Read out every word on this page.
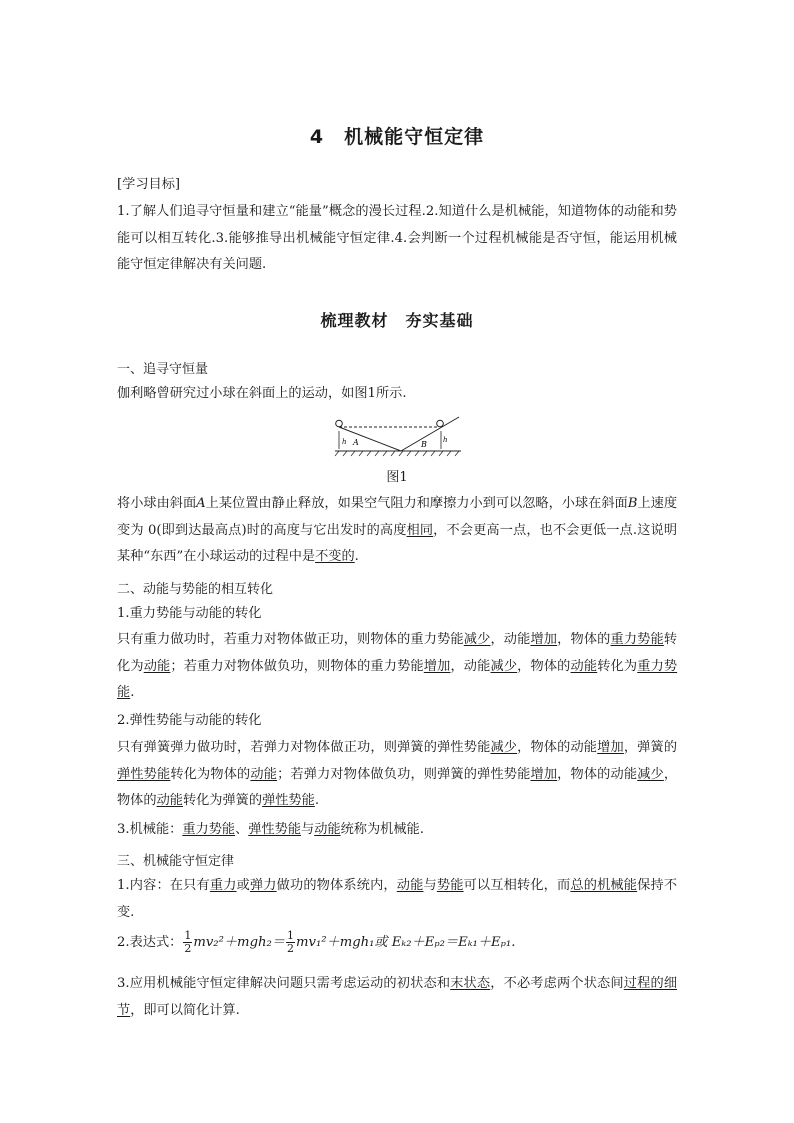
4　机械能守恒定律
[学习目标]
1.了解人们追寻守恒量和建立“能量”概念的漫长过程.2.知道什么是机械能，知道物体的动能和势能可以相互转化.3.能够推导出机械能守恒定律.4.会判断一个过程机械能是否守恒，能运用机械能守恒定律解决有关问题.
梳理教材　夯实基础
一、追寻守恒量
伽利略曾研究过小球在斜面上的运动，如图1所示.
h	h
A	B
图1
将小球由斜面A上某位置由静止释放，如果空气阻力和摩擦力小到可以忽略，小球在斜面B上速度变为 0(即到达最高点)时的高度与它出发时的高度相同，不会更高一点，也不会更低一点.这说明某种“东西”在小球运动的过程中是不变的.
二、动能与势能的相互转化
1.重力势能与动能的转化
只有重力做功时，若重力对物体做正功，则物体的重力势能减少，动能增加，物体的重力势能转化为动能；若重力对物体做负功，则物体的重力势能增加，动能减少，物体的动能转化为重力势能.
2.弹性势能与动能的转化
只有弹簧弹力做功时，若弹力对物体做正功，则弹簧的弹性势能减少，物体的动能增加，弹簧的弹性势能转化为物体的动能；若弹力对物体做负功，则弹簧的弹性势能增加，物体的动能减少，物体的动能转化为弹簧的弹性势能.
3.机械能：重力势能、弹性势能与动能统称为机械能.
三、机械能守恒定律
1.内容：在只有重力或弹力做功的物体系统内，动能与势能可以互相转化，而总的机械能保持不变.
2.表达式： $\frac{1}{2} mv_2^2+mgh_2= \frac{1}{2} mv_1^2+mgh_1$或 Eₖ₂＋Eₚ₂＝Eₖ₁＋Eₚ₁.
3.应用机械能守恒定律解决问题只需考虑运动的初状态和末状态，不必考虑两个状态间过程的细节，即可以简化计算.
